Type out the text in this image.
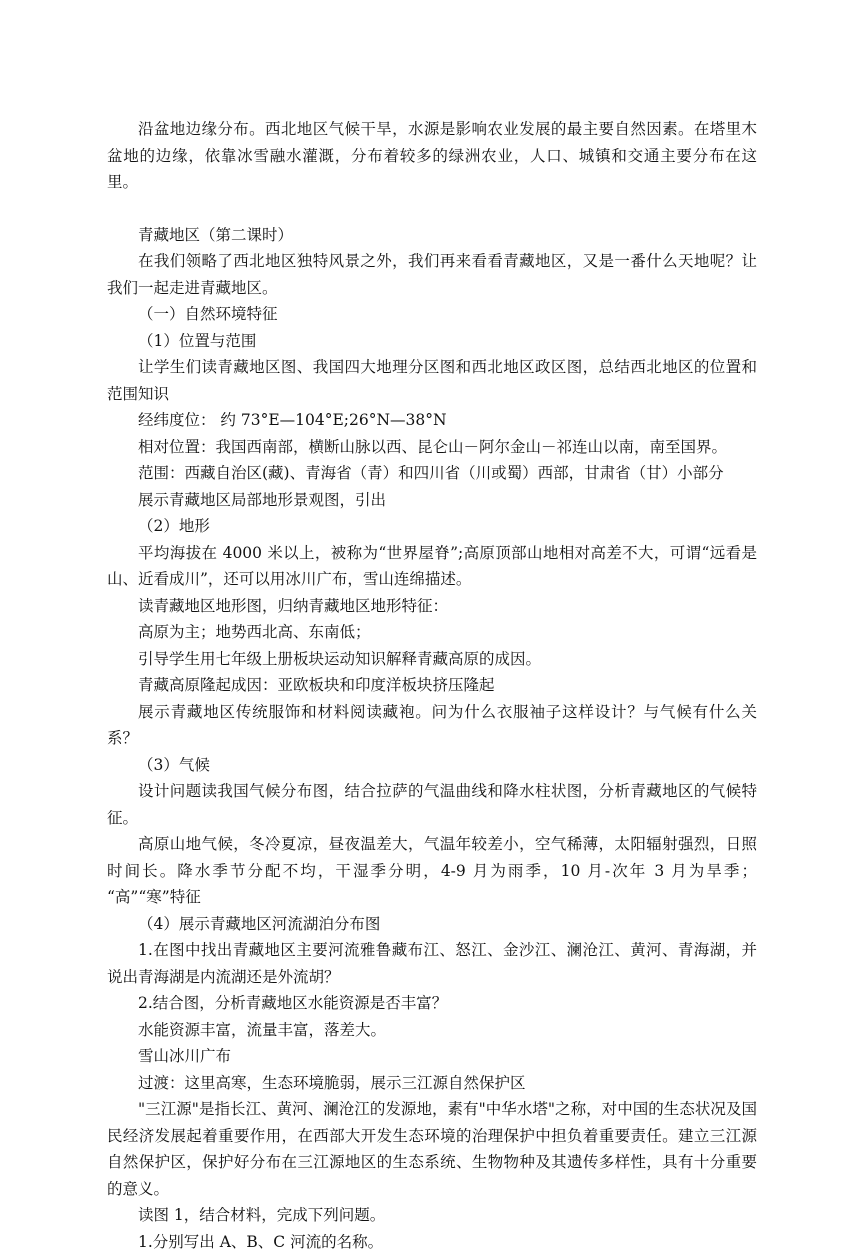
沿盆地边缘分布。西北地区气候干旱，水源是影响农业发展的最主要自然因素。在塔里木盆地的边缘，依靠冰雪融水灌溉，分布着较多的绿洲农业，人口、城镇和交通主要分布在这里。

青藏地区（第二课时）

在我们领略了西北地区独特风景之外，我们再来看看青藏地区，又是一番什么天地呢？让我们一起走进青藏地区。

（一）自然环境特征

（1）位置与范围

让学生们读青藏地区图、我国四大地理分区图和西北地区政区图，总结西北地区的位置和范围知识

经纬度位： 约 73°E—104°E;26°N—38°N

相对位置：我国西南部，横断山脉以西、昆仑山－阿尔金山－祁连山以南，南至国界。

范围：西藏自治区(藏)、青海省（青）和四川省（川或蜀）西部，甘肃省（甘）小部分

展示青藏地区局部地形景观图，引出

（2）地形

平均海拔在 4000 米以上，被称为“世界屋脊”;高原顶部山地相对高差不大，可谓“远看是山、近看成川”，还可以用冰川广布，雪山连绵描述。

读青藏地区地形图，归纳青藏地区地形特征：

高原为主；地势西北高、东南低；

引导学生用七年级上册板块运动知识解释青藏高原的成因。

青藏高原隆起成因：亚欧板块和印度洋板块挤压隆起

展示青藏地区传统服饰和材料阅读藏袍。问为什么衣服袖子这样设计？与气候有什么关系？

（3）气候

设计问题读我国气候分布图，结合拉萨的气温曲线和降水柱状图，分析青藏地区的气候特征。

高原山地气候，冬冷夏凉，昼夜温差大，气温年较差小，空气稀薄，太阳辐射强烈，日照时间长。降水季节分配不均，干湿季分明，4-9 月为雨季，10 月-次年 3 月为旱季； “高”“寒”特征

（4）展示青藏地区河流湖泊分布图

1.在图中找出青藏地区主要河流雅鲁藏布江、怒江、金沙江、澜沧江、黄河、青海湖，并说出青海湖是内流湖还是外流胡？

2.结合图，分析青藏地区水能资源是否丰富？

水能资源丰富，流量丰富，落差大。

雪山冰川广布

过渡：这里高寒，生态环境脆弱，展示三江源自然保护区

"三江源"是指长江、黄河、澜沧江的发源地，素有"中华水塔"之称，对中国的生态状况及国民经济发展起着重要作用，在西部大开发生态环境的治理保护中担负着重要责任。建立三江源自然保护区，保护好分布在三江源地区的生态系统、生物物种及其遗传多样性，具有十分重要的意义。

读图 1，结合材料，完成下列问题。

1.分别写出 A、B、C 河流的名称。
